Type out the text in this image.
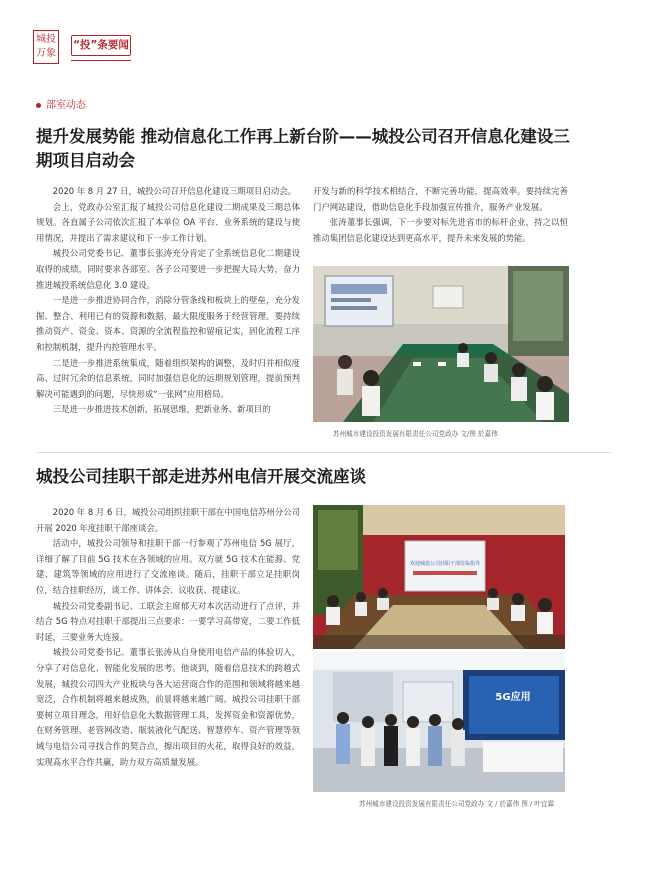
城投
万象
“投”条要闻
部室动态
提升发展势能 推动信息化工作再上新台阶——城投公司召开信息化建设三期项目启动会

2020 年 8 月 27 日，城投公司召开信息化建设三期项目启动会。

会上，党政办公室汇报了城投公司信息化建设二期成果及三期总体规划。各直属子公司依次汇报了本单位 OA 平台、业务系统的建设与使用情况，并提出了需求建议和下一步工作计划。

城投公司党委书记、董事长张涛充分肯定了全系统信息化二期建设取得的成绩，同时要求各部室、各子公司要进一步把握大局大势，奋力推进城投系统信息化 3.0 建设。

一是进一步推进协同合作，消除分管条线和板块上的壁垒，充分发掘、整合、利用已有的资源和数据，最大限度服务于经营管理。要持续推动资产、资金、资本、资源的全流程监控和留痕记实，固化流程工序和控制机制，提升内控管理水平。

二是进一步推进系统集成，随着组织架构的调整，及时归并相似度高、过时冗余的信息系统，同时加强信息化的远期规划管理，提前预判解决可能遇到的问题，尽快形成“一张网”应用格局。

三是进一步推进技术创新，拓展思维，把新业务、新项目的

开发与新的科学技术相结合，不断完善功能，提高效率。要持续完善门户网站建设，借助信息化手段加强宣传推介，服务产业发展。

张涛董事长强调，下一步要对标先进省市的标杆企业，持之以恒推动集团信息化建设达到更高水平，提升未来发展的势能。

苏州城市建设投资发展有限责任公司党政办 文/图 於嘉伟
城投公司挂职干部走进苏州电信开展交流座谈

2020 年 8 月 6 日，城投公司组织挂职干部在中国电信苏州分公司开展 2020 年度挂职干部座谈会。

活动中，城投公司领导和挂职干部一行参观了苏州电信 5G 展厅，详细了解了目前 5G 技术在各领域的应用。双方就 5G 技术在能源、党建、建筑等领域的应用进行了交流座谈。随后，挂职干部立足挂职岗位，结合挂职经历，谈工作、讲体会、议收获、提建议。

城投公司党委副书记、工联会主席郁天对本次活动进行了点评，并结合 5G 特点对挂职干部提出三点要求：一要学习高带宽，二要工作低时延，三要业务大连接。

城投公司党委书记、董事长张涛从自身使用电信产品的体验切入，分享了对信息化、智能化发展的思考。他谈到，随着信息技术的跨越式发展，城投公司四大产业板块与各大运营商合作的范围和领域将越来越宽泛，合作机制将越来越成熟，前景将越来越广阔。城投公司挂职干部要树立项目理念，用好信息化大数据管理工具，发挥资金和资源优势，在财务管理、老管网改造、瓶装液化气配送、智慧停车、资产管理等领域与电信公司寻找合作的契合点，擦出项目的火花，取得良好的效益，实现高水平合作共赢，助力双方高质量发展。

欢迎城投公司挂职干部莅临指导
5G应用
苏州城市建设投资发展有限责任公司党政办 文 / 於嘉伟 图 / 叶宜霖
